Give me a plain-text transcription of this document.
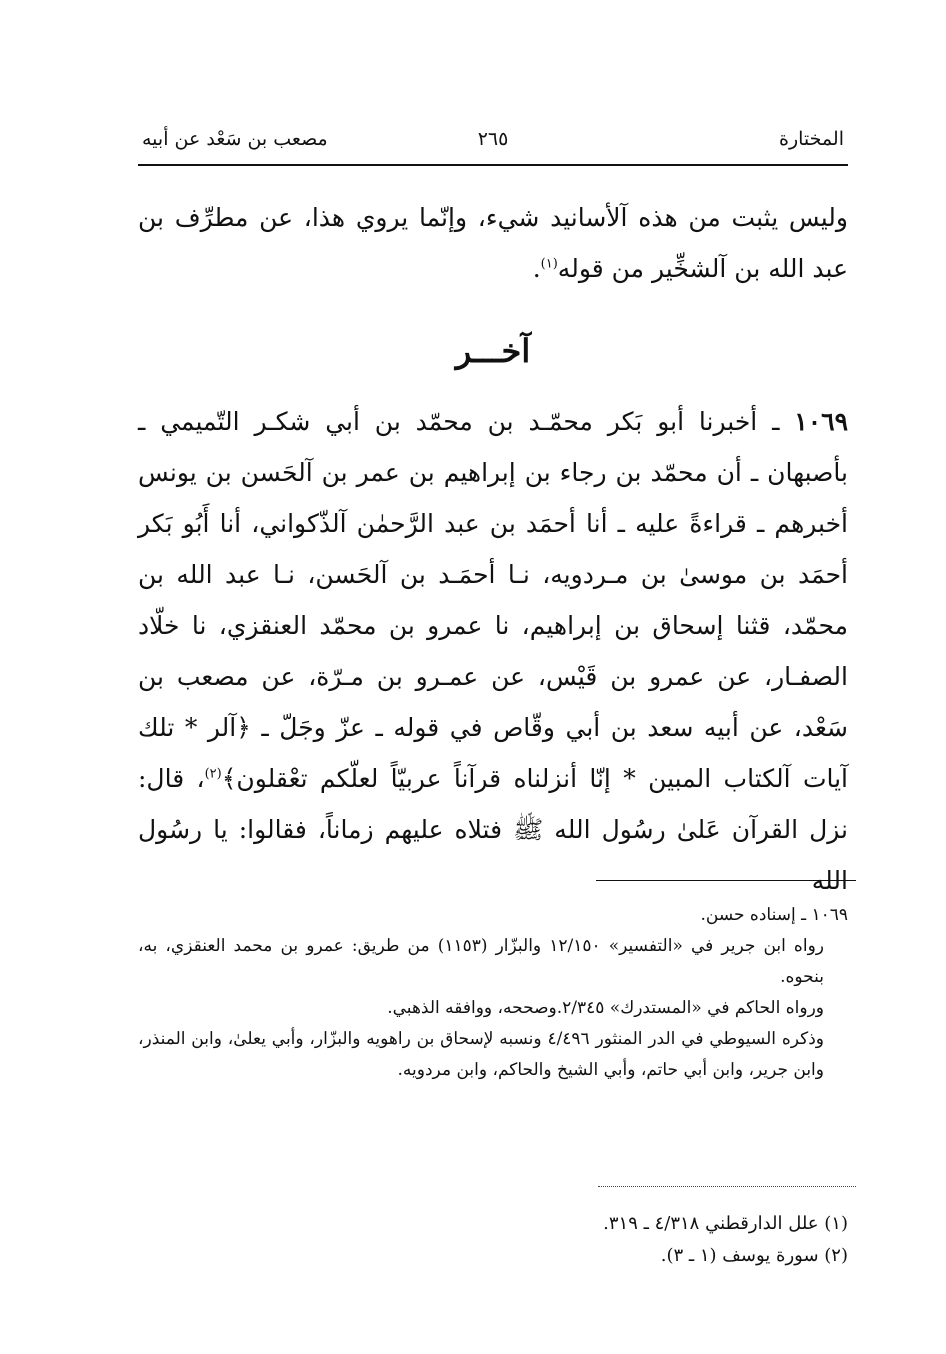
المختارة
٢٦٥
مصعب بن سَعْد عن أبيه

وليس يثبت من هذه آلأسانيد شيء، وإنّما يروي هذا، عن مطرِّف بن عبد الله بن آلشخِّير من قوله$^{(١)}$.

آخـــر

١٠٦٩ ـ أخبرنا أبو بَكر محمّـد بن محمّد بن أبي شكـر التّميمي ـ بأصبهان ـ أن محمّد بن رجاء بن إبراهيم بن عمر بن آلحَسن بن يونس أخبرهم ـ قراءةً عليه ـ أنا أحمَد بن عبد الرَّحمٰن آلذّكواني، أنا أَبُو بَكر أحمَد بن موسىٰ بن مـردويه، نـا أحمَـد بن آلحَسن، نـا عبد الله بن محمّد، قثنا إسحاق بن إبراهيم، نا عمرو بن محمّد العنقزي، نا خلّاد الصفـار، عن عمرو بن قَيْس، عن عمـرو بن مـرّة، عن مصعب بن سَعْد، عن أبيه سعد بن أبي وقّاص في قوله ـ عزّ وجَلّ ـ ﴿آلر * تلك آيات آلكتاب المبين * إنّا أنزلناه قرآناً عربيّاً لعلّكم تعْقلون﴾$^{(٢)}$، قال: نزل القرآن عَلىٰ رسُول الله ﷺ فتلاه عليهم زماناً، فقالوا: يا رسُول الله

١٠٦٩ ـ إسناده حسن.

رواه ابن جرير في «التفسير» ١٢/١٥٠ والبزّار (١١٥٣) من طريق: عمرو بن محمد العنقزي، به، بنحوه.

ورواه الحاكم في «المستدرك» ٢/٣٤٥.وصححه، ووافقه الذهبي.

وذكره السيوطي في الدر المنثور ٤/٤٩٦ ونسبه لإسحاق بن راهويه والبزّار، وأبي يعلىٰ، وابن المنذر، وابن جرير، وابن أبي حاتم، وأبي الشيخ والحاكم، وابن مردويه.

(١) علل الدارقطني ٤/٣١٨ ـ ٣١٩.

(٢) سورة يوسف (١ ـ ٣).
